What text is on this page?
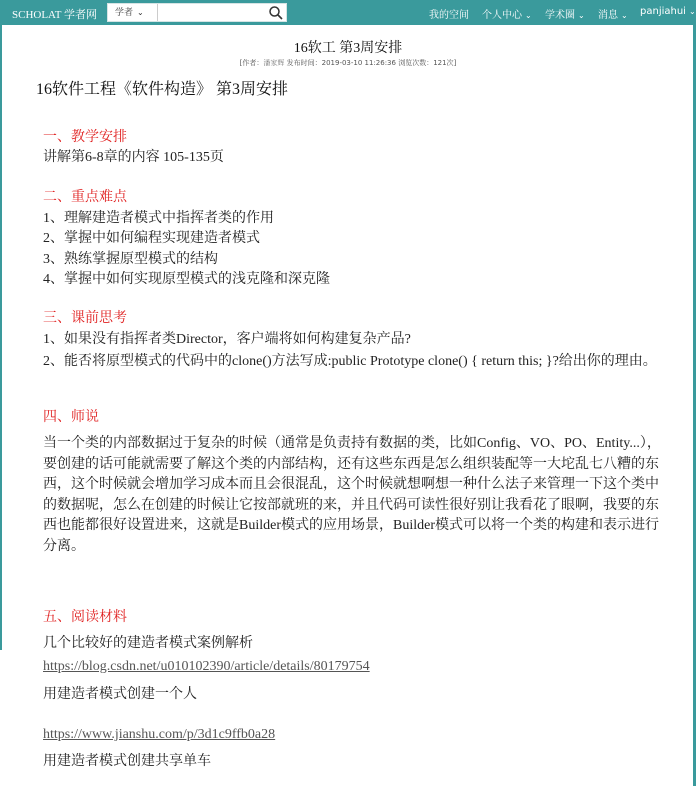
SCHOLAT 学者网	学者 ⌄	我的空间 个人中心 ⌄ 学术圈 ⌄ 消息 ⌄ panjiahui ⌄
16软工 第3周安排
[作者：潘家辉 发布时间：2019-03-10 11:26:36 浏览次数：121次]
16软件工程《软件构造》 第3周安排
一、教学安排
讲解第6-8章的内容 105-135页
二、重点难点
1、理解建造者模式中指挥者类的作用
2、掌握中如何编程实现建造者模式
3、熟练掌握原型模式的结构
4、掌握中如何实现原型模式的浅克隆和深克隆
三、课前思考
1、如果没有指挥者类Director，客户端将如何构建复杂产品?
2、能否将原型模式的代码中的clone()方法写成:public Prototype clone() { return this; }?给出你的理由。
四、师说
当一个类的内部数据过于复杂的时候（通常是负责持有数据的类，比如Config、VO、PO、Entity...），要创建的话可能就需要了解这个类的内部结构，还有这些东西是怎么组织装配等一大坨乱七八糟的东西，这个时候就会增加学习成本而且会很混乱，这个时候就想啊想一种什么法子来管理一下这个类中的数据呢，怎么在创建的时候让它按部就班的来，并且代码可读性很好别让我看花了眼啊，我要的东西也能都很好设置进来，这就是Builder模式的应用场景，Builder模式可以将一个类的构建和表示进行分离。
五、阅读材料
几个比较好的建造者模式案例解析
https://blog.csdn.net/u010102390/article/details/80179754
用建造者模式创建一个人
https://www.jianshu.com/p/3d1c9ffb0a28
用建造者模式创建共享单车
